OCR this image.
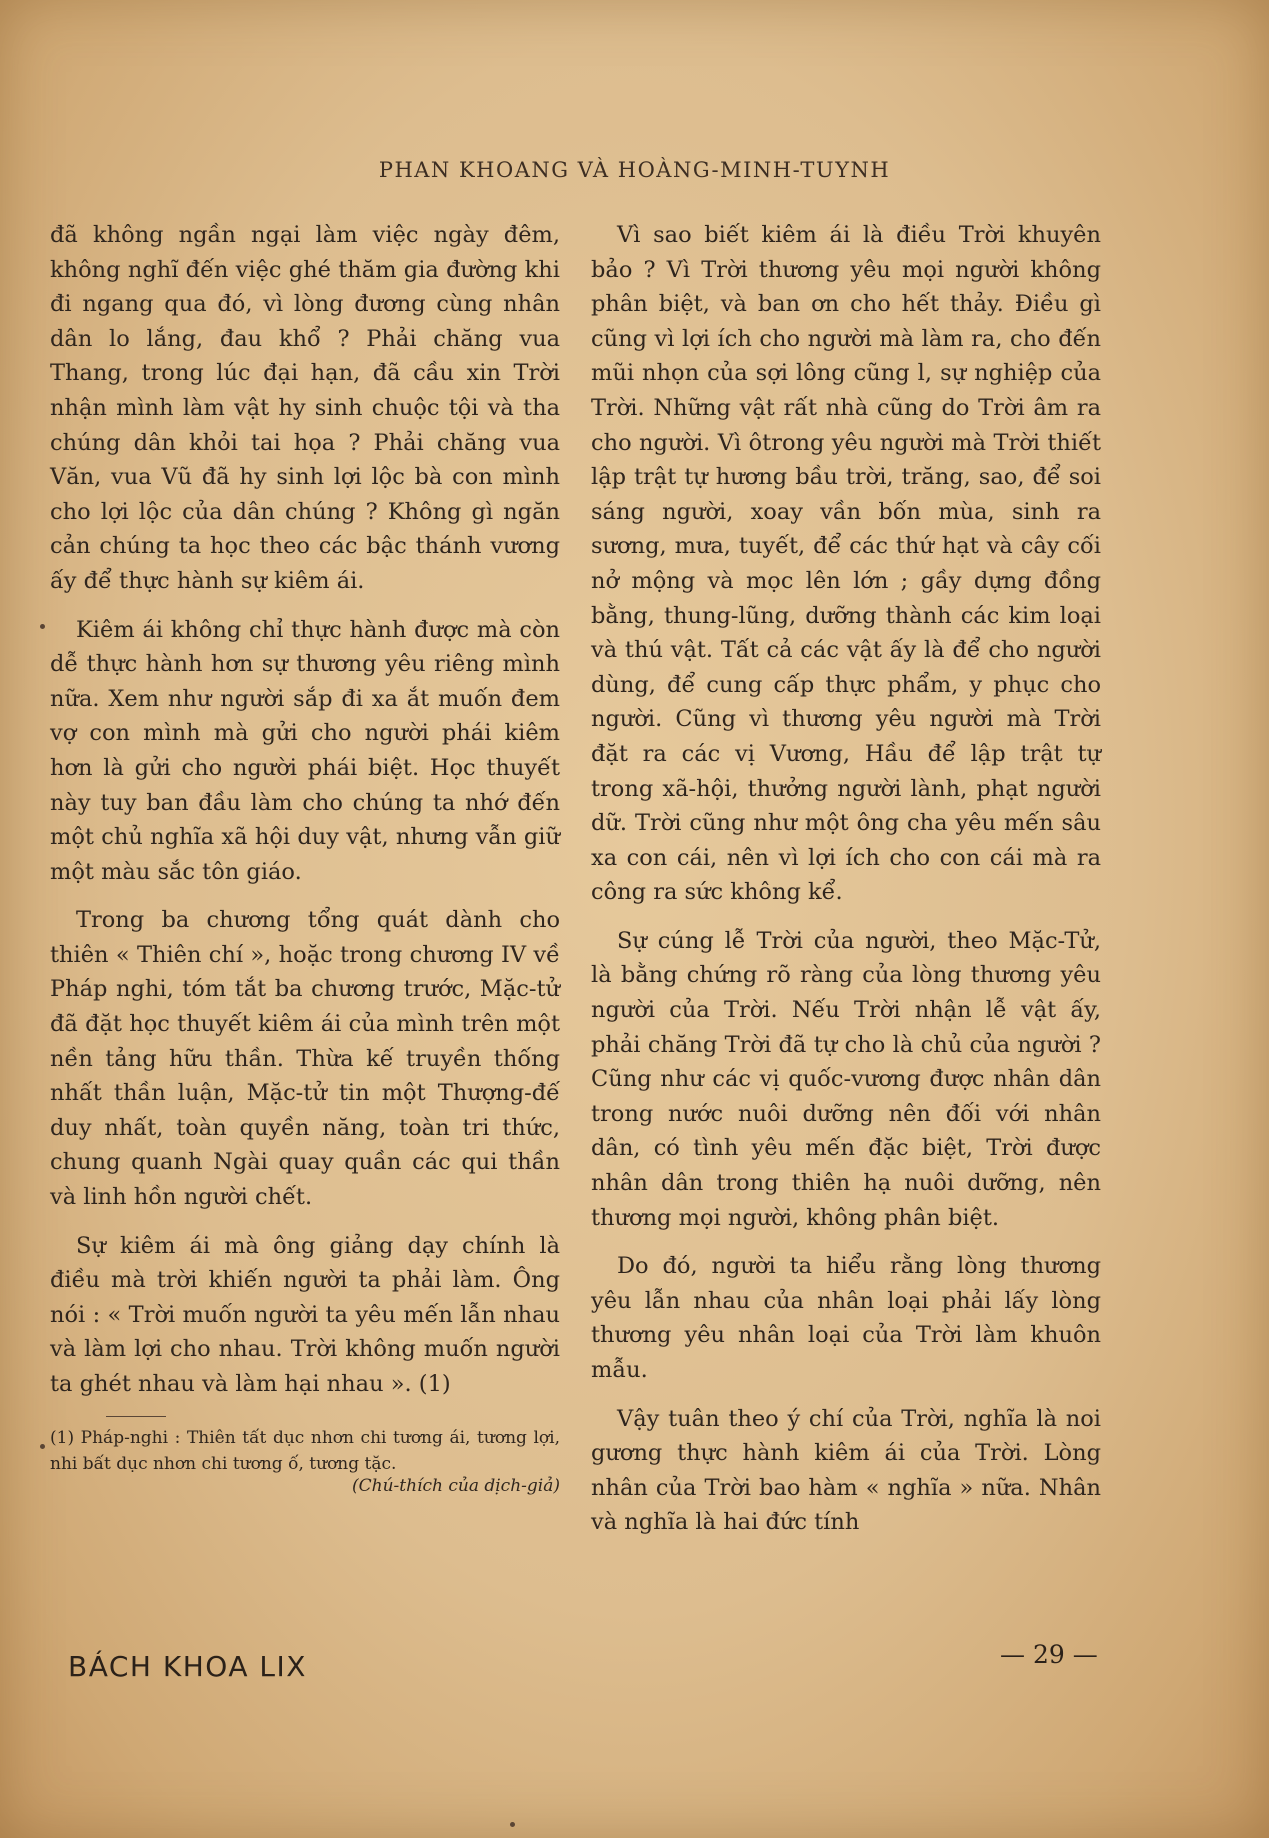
PHAN KHOANG VÀ HOÀNG-MINH-TUYNH

đã không ngần ngại làm việc ngày đêm, không nghĩ đến việc ghé thăm gia đường khi đi ngang qua đó, vì lòng đương cùng nhân dân lo lắng, đau khổ ? Phải chăng vua Thang, trong lúc đại hạn, đã cầu xin Trời nhận mình làm vật hy sinh chuộc tội và tha chúng dân khỏi tai họa ? Phải chăng vua Văn, vua Vũ đã hy sinh lợi lộc bà con mình cho lợi lộc của dân chúng ? Không gì ngăn cản chúng ta học theo các bậc thánh vương ấy để thực hành sự kiêm ái.

Kiêm ái không chỉ thực hành được mà còn dễ thực hành hơn sự thương yêu riêng mình nữa. Xem như người sắp đi xa ắt muốn đem vợ con mình mà gửi cho người phái kiêm hơn là gửi cho người phái biệt. Học thuyết này tuy ban đầu làm cho chúng ta nhớ đến một chủ nghĩa xã hội duy vật, nhưng vẫn giữ một màu sắc tôn giáo.

Trong ba chương tổng quát dành cho thiên « Thiên chí », hoặc trong chương IV về Pháp nghi, tóm tắt ba chương trước, Mặc-tử đã đặt học thuyết kiêm ái của mình trên một nền tảng hữu thần. Thừa kế truyền thống nhất thần luận, Mặc-tử tin một Thượng-đế duy nhất, toàn quyền năng, toàn tri thức, chung quanh Ngài quay quần các qui thần và linh hồn người chết.

Sự kiêm ái mà ông giảng dạy chính là điều mà trời khiến người ta phải làm. Ông nói : « Trời muốn người ta yêu mến lẫn nhau và làm lợi cho nhau. Trời không muốn người ta ghét nhau và làm hại nhau ». (1)

(1) Pháp-nghi : Thiên tất dục nhơn chi tương ái, tương lợi, nhi bất dục nhơn chi tương ố, tương tặc.
(Chú-thích của dịch-giả)

Vì sao biết kiêm ái là điều Trời khuyên bảo ? Vì Trời thương yêu mọi người không phân biệt, và ban ơn cho hết thảy. Điều gì cũng vì lợi ích cho người mà làm ra, cho đến mũi nhọn của sợi lông cũng l, sự nghiệp của Trời. Những vật rất nhà cũng do Trời âm ra cho người. Vì ôtrong yêu người mà Trời thiết lập trật tự hương bầu trời, trăng, sao, để soi sáng người, xoay vần bốn mùa, sinh ra sương, mưa, tuyết, để các thứ hạt và cây cối nở mộng và mọc lên lớn ; gầy dựng đồng bằng, thung-lũng, dưỡng thành các kim loại và thú vật. Tất cả các vật ấy là để cho người dùng, để cung cấp thực phẩm, y phục cho người. Cũng vì thương yêu người mà Trời đặt ra các vị Vương, Hầu để lập trật tự trong xã-hội, thưởng người lành, phạt người dữ. Trời cũng như một ông cha yêu mến sâu xa con cái, nên vì lợi ích cho con cái mà ra công ra sức không kể.

Sự cúng lễ Trời của người, theo Mặc-Tử, là bằng chứng rõ ràng của lòng thương yêu người của Trời. Nếu Trời nhận lễ vật ấy, phải chăng Trời đã tự cho là chủ của người ? Cũng như các vị quốc-vương được nhân dân trong nước nuôi dưỡng nên đối với nhân dân, có tình yêu mến đặc biệt, Trời được nhân dân trong thiên hạ nuôi dưỡng, nên thương mọi người, không phân biệt.

Do đó, người ta hiểu rằng lòng thương yêu lẫn nhau của nhân loại phải lấy lòng thương yêu nhân loại của Trời làm khuôn mẫu.

Vậy tuân theo ý chí của Trời, nghĩa là noi gương thực hành kiêm ái của Trời. Lòng nhân của Trời bao hàm « nghĩa » nữa. Nhân và nghĩa là hai đức tính

BÁCH KHOA LIX	— 29 —
